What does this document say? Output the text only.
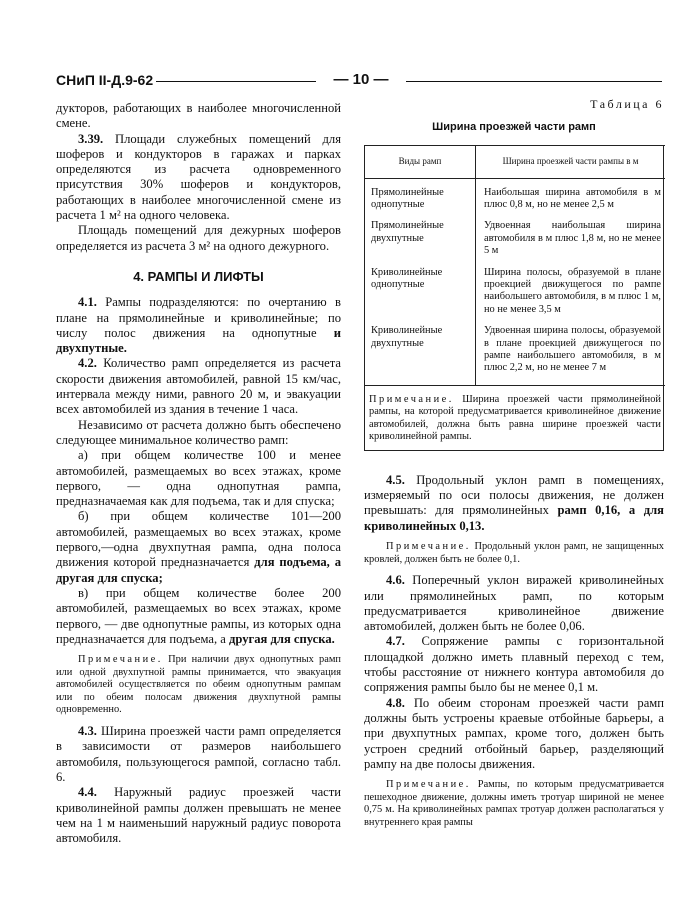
СНиП II-Д.9-62	— 10 —

дукторов, работающих в наиболее многочисленной смене.

3.39. Площади служебных помещений для шоферов и кондукторов в гаражах и парках определяются из расчета одновременного присутствия 30% шоферов и кондукторов, работающих в наиболее многочисленной смене из расчета 1 м² на одного человека.

Площадь помещений для дежурных шоферов определяется из расчета 3 м² на одного дежурного.

4. РАМПЫ И ЛИФТЫ

4.1. Рампы подразделяются: по очертанию в плане на прямолинейные и криволинейные; по числу полос движения на однопутные и двухпутные.

4.2. Количество рамп определяется из расчета скорости движения автомобилей, равной 15 км/час, интервала между ними, равного 20 м, и эвакуации всех автомобилей из здания в течение 1 часа.

Независимо от расчета должно быть обеспечено следующее минимальное количество рамп:

а) при общем количестве 100 и менее автомобилей, размещаемых во всех этажах, кроме первого, — одна однопутная рампа, предназначаемая как для подъема, так и для спуска;

б) при общем количестве 101—200 автомобилей, размещаемых во всех этажах, кроме первого,—одна двухпутная рампа, одна полоса движения которой предназначается для подъема, а другая для спуска;

в) при общем количестве более 200 автомобилей, размещаемых во всех этажах, кроме первого, — две однопутные рампы, из которых одна предназначается для подъема, а другая для спуска.

Примечание. При наличии двух однопутных рамп или одной двухпутной рампы принимается, что эвакуация автомобилей осуществляется по обеим однопутным рампам или по обеим полосам движения двухпутной рампы одновременно.

4.3. Ширина проезжей части рамп определяется в зависимости от размеров наибольшего автомобиля, пользующегося рампой, согласно табл. 6.

4.4. Наружный радиус проезжей части криволинейной рампы должен превышать не менее чем на 1 м наименьший наружный радиус поворота автомобиля.

Таблица 6

Ширина проезжей части рамп

Виды рамп	Ширина проезжей части рампы в м
Прямолинейные однопутные	Наибольшая ширина автомобиля в м плюс 0,8 м, но не менее 2,5 м
Прямолинейные двухпутные	Удвоенная наибольшая ширина автомобиля в м плюс 1,8 м, но не менее 5 м
Криволинейные однопутные	Ширина полосы, образуемой в плане проекцией движущегося по рампе наибольшего автомобиля, в м плюс 1 м, но не менее 3,5 м
Криволинейные двухпутные	Удвоенная ширина полосы, образуемой в плане проекцией движущегося по рампе наибольшего автомобиля, в м плюс 2,2 м, но не менее 7 м
Примечание. Ширина проезжей части прямолинейной рампы, на которой предусматривается криволинейное движение автомобилей, должна быть равна ширине проезжей части криволинейной рампы.

4.5. Продольный уклон рамп в помещениях, измеряемый по оси полосы движения, не должен превышать: для прямолинейных рамп 0,16, а для криволинейных 0,13.

Примечание. Продольный уклон рамп, не защищенных кровлей, должен быть не более 0,1.

4.6. Поперечный уклон виражей криволинейных или прямолинейных рамп, по которым предусматривается криволинейное движение автомобилей, должен быть не более 0,06.

4.7. Сопряжение рампы с горизонтальной площадкой должно иметь плавный переход с тем, чтобы расстояние от нижнего контура автомобиля до сопряжения рампы было бы не менее 0,1 м.

4.8. По обеим сторонам проезжей части рамп должны быть устроены краевые отбойные барьеры, а при двухпутных рампах, кроме того, должен быть устроен средний отбойный барьер, разделяющий рампу на две полосы движения.

Примечание. Рампы, по которым предусматривается пешеходное движение, должны иметь тротуар шириной не менее 0,75 м. На криволинейных рампах тротуар должен располагаться у внутреннего края рампы
